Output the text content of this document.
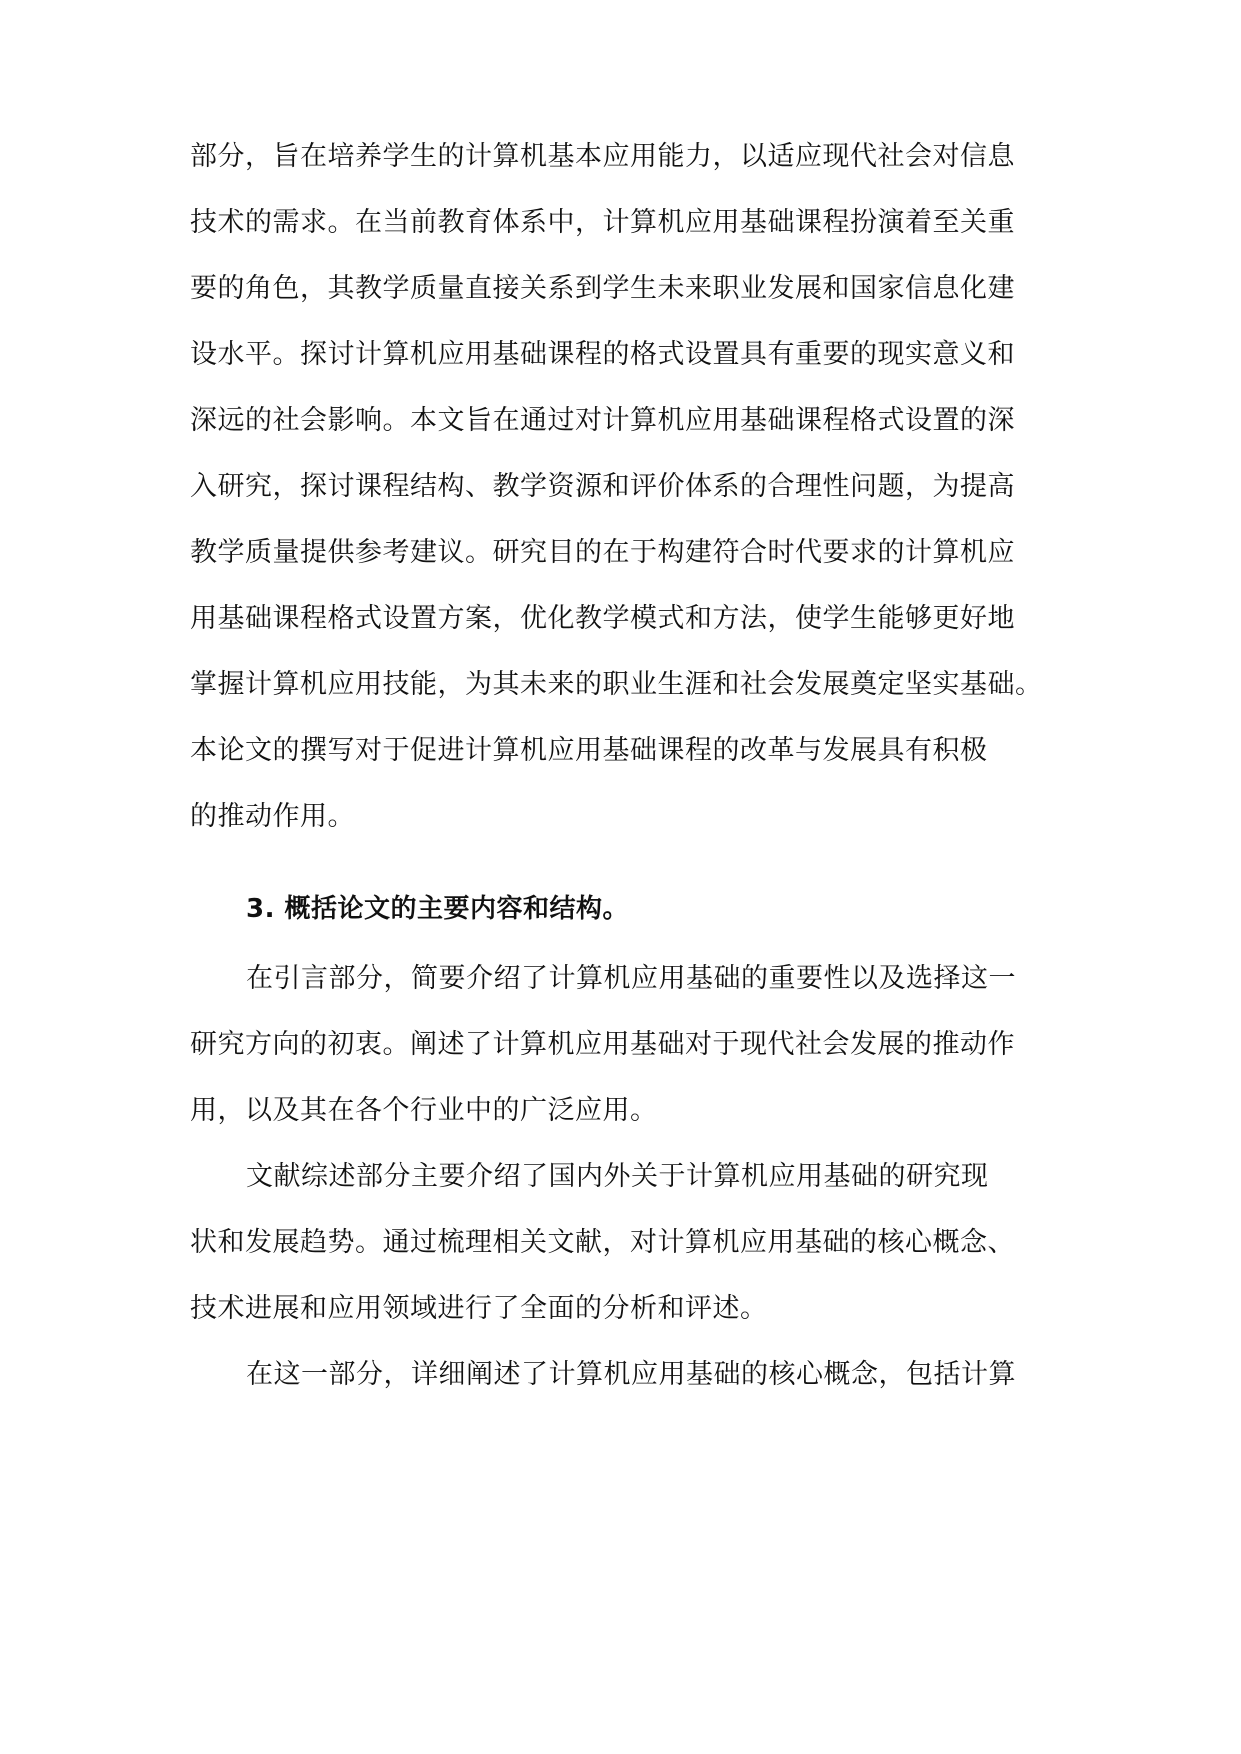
部分，旨在培养学生的计算机基本应用能力，以适应现代社会对信息
技术的需求。在当前教育体系中，计算机应用基础课程扮演着至关重
要的角色，其教学质量直接关系到学生未来职业发展和国家信息化建
设水平。探讨计算机应用基础课程的格式设置具有重要的现实意义和
深远的社会影响。本文旨在通过对计算机应用基础课程格式设置的深
入研究，探讨课程结构、教学资源和评价体系的合理性问题，为提高
教学质量提供参考建议。研究目的在于构建符合时代要求的计算机应
用基础课程格式设置方案，优化教学模式和方法，使学生能够更好地
掌握计算机应用技能，为其未来的职业生涯和社会发展奠定坚实基础。
本论文的撰写对于促进计算机应用基础课程的改革与发展具有积极
的推动作用。
3. 概括论文的主要内容和结构。
在引言部分，简要介绍了计算机应用基础的重要性以及选择这一
研究方向的初衷。阐述了计算机应用基础对于现代社会发展的推动作
用，以及其在各个行业中的广泛应用。
文献综述部分主要介绍了国内外关于计算机应用基础的研究现
状和发展趋势。通过梳理相关文献，对计算机应用基础的核心概念、
技术进展和应用领域进行了全面的分析和评述。
在这一部分，详细阐述了计算机应用基础的核心概念，包括计算
